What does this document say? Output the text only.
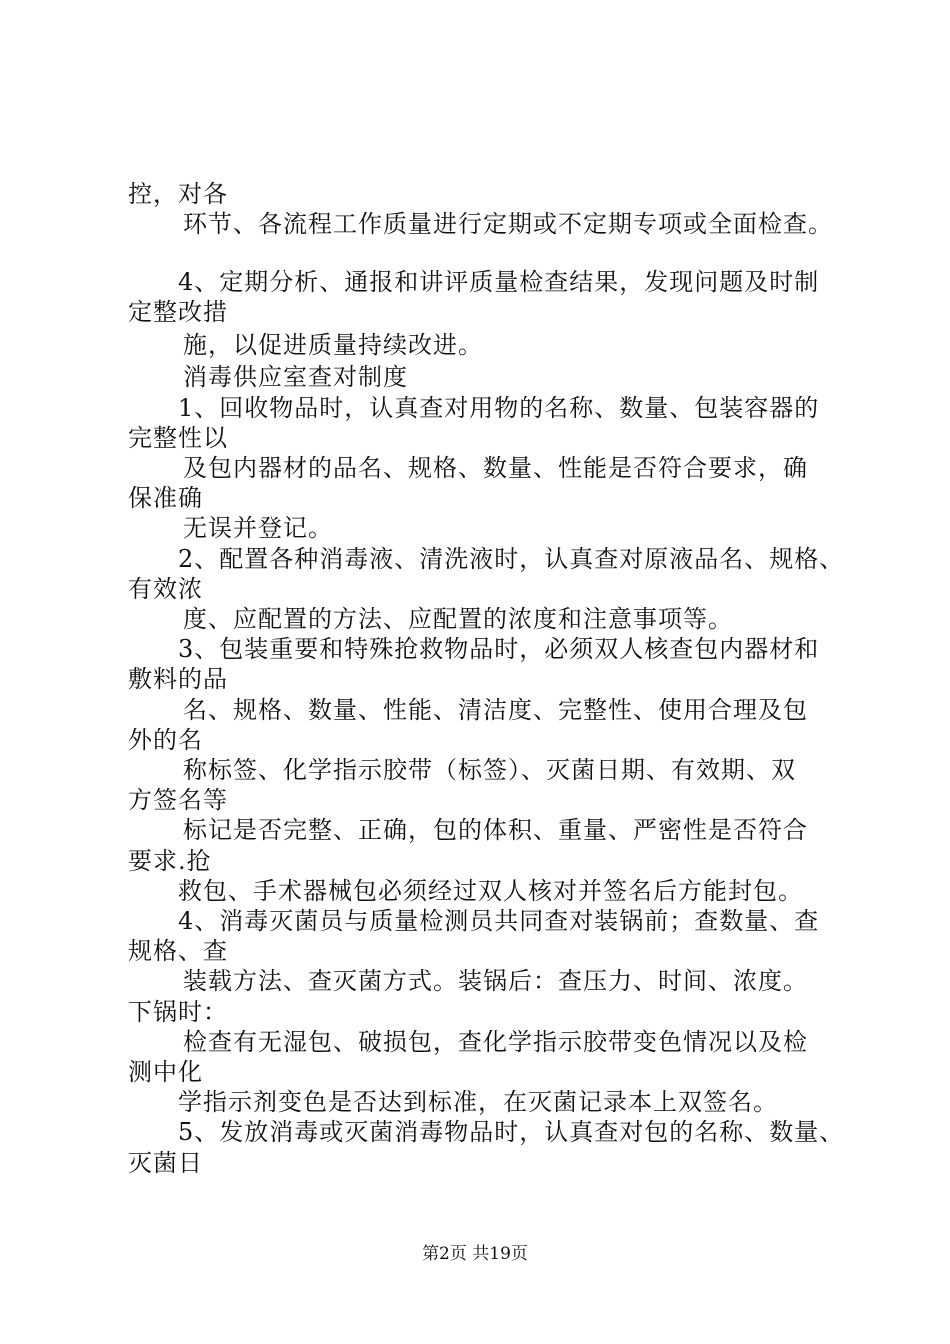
控，对各
环节、各流程工作质量进行定期或不定期专项或全面检查。
4、定期分析、通报和讲评质量检查结果，发现问题及时制
定整改措
施，以促进质量持续改进。
消毒供应室查对制度
1、回收物品时，认真查对用物的名称、数量、包装容器的
完整性以
及包内器材的品名、规格、数量、性能是否符合要求，确
保准确
无误并登记。
2、配置各种消毒液、清洗液时，认真查对原液品名、规格、
有效浓
度、应配置的方法、应配置的浓度和注意事项等。
3、包装重要和特殊抢救物品时，必须双人核查包内器材和
敷料的品
名、规格、数量、性能、清洁度、完整性、使用合理及包
外的名
称标签、化学指示胶带（标签）、灭菌日期、有效期、双
方签名等
标记是否完整、正确，包的体积、重量、严密性是否符合
要求.抢
救包、手术器械包必须经过双人核对并签名后方能封包。
4、消毒灭菌员与质量检测员共同查对装锅前；查数量、查
规格、查
装载方法、查灭菌方式。装锅后：查压力、时间、浓度。
下锅时：
检查有无湿包、破损包，查化学指示胶带变色情况以及检
测中化
学指示剂变色是否达到标准，在灭菌记录本上双签名。
5、发放消毒或灭菌消毒物品时，认真查对包的名称、数量、
灭菌日
第2页 共19页
